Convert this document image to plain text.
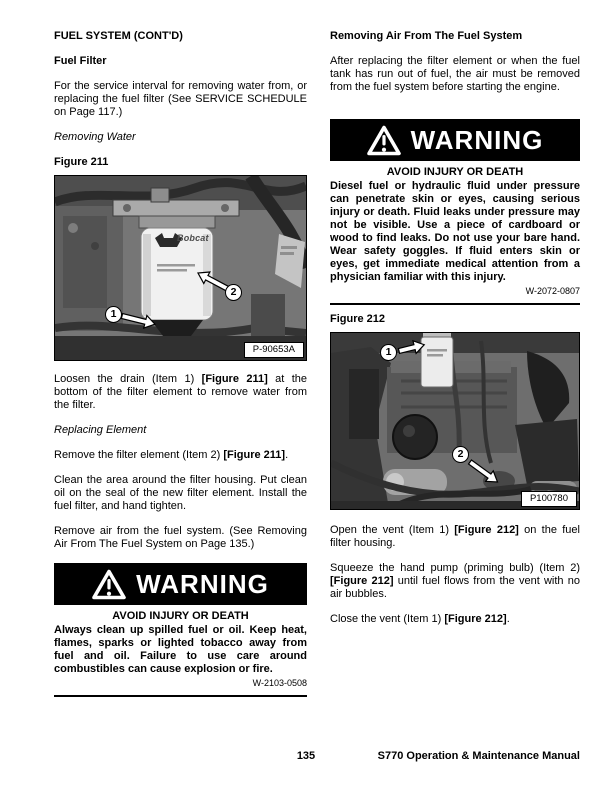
FUEL SYSTEM (CONT'D)
Fuel Filter

For the service interval for removing water from, or replacing the fuel filter (See SERVICE SCHEDULE on Page 117.)

Removing Water
Figure 211
Bobcat
1
2
P-90653A

Loosen the drain (Item 1) [Figure 211] at the bottom of the filter element to remove water from the filter.

Replacing Element

Remove the filter element (Item 2) [Figure 211].

Clean the area around the filter housing. Put clean oil on the seal of the new filter element. Install the fuel filter, and hand tighten.

Remove air from the fuel system. (See Removing Air From The Fuel System on Page 135.)

WARNING
AVOID INJURY OR DEATH
Always clean up spilled fuel or oil. Keep heat, flames, sparks or lighted tobacco away from fuel and oil. Failure to use care around combustibles can cause explosion or fire.
W-2103-0508
Removing Air From The Fuel System

After replacing the filter element or when the fuel tank has run out of fuel, the air must be removed from the fuel system before starting the engine.

WARNING
AVOID INJURY OR DEATH
Diesel fuel or hydraulic fluid under pressure can penetrate skin or eyes, causing serious injury or death. Fluid leaks under pressure may not be visible. Use a piece of cardboard or wood to find leaks. Do not use your bare hand. Wear safety goggles. If fluid enters skin or eyes, get immediate medical attention from a physician familiar with this injury.
W-2072-0807
Figure 212
1
2
P100780

Open the vent (Item 1) [Figure 212] on the fuel filter housing.

Squeeze the hand pump (priming bulb) (Item 2) [Figure 212] until fuel flows from the vent with no air bubbles.

Close the vent (Item 1) [Figure 212].

135	S770 Operation & Maintenance Manual
